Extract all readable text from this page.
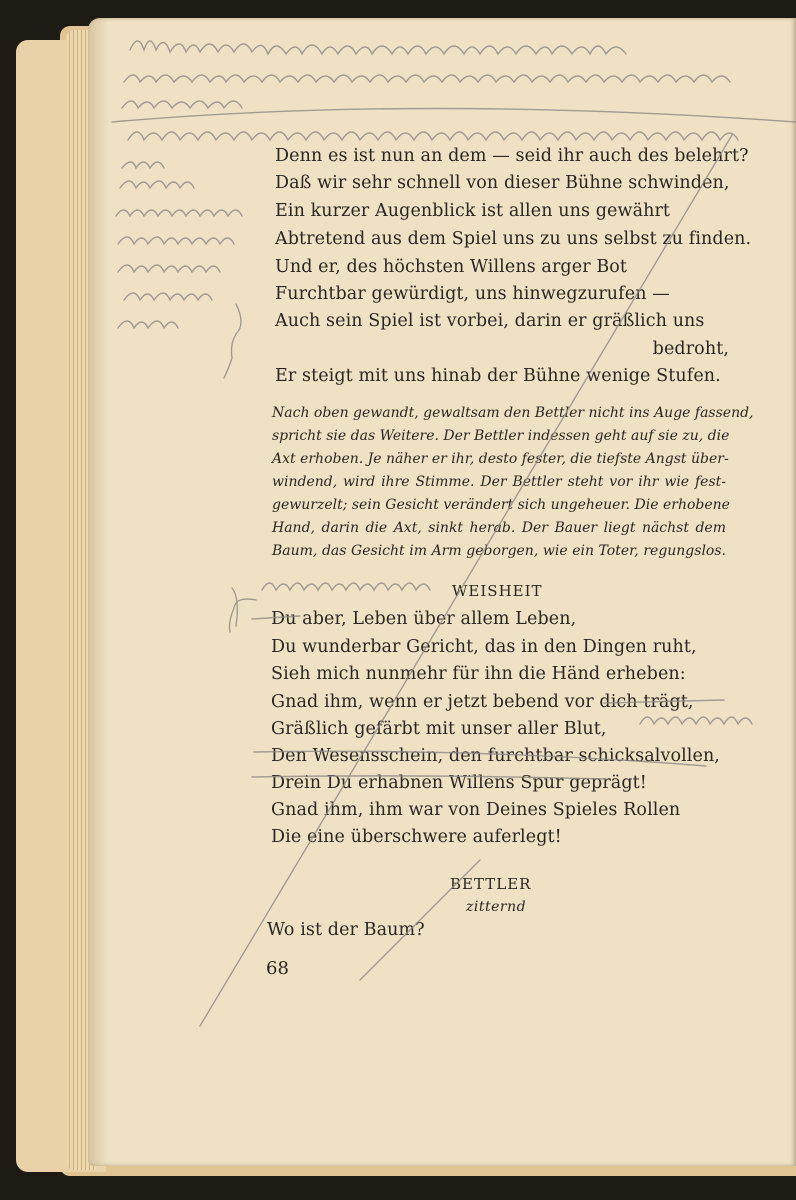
Denn es ist nun an dem — seid ihr auch des belehrt?
Daß wir sehr schnell von dieser Bühne schwinden,
Ein kurzer Augenblick ist allen uns gewährt
Abtretend aus dem Spiel uns zu uns selbst zu finden.
Und er, des höchsten Willens arger Bot
Furchtbar gewürdigt, uns hinwegzurufen —
Auch sein Spiel ist vorbei, darin er gräßlich uns
bedroht,
Er steigt mit uns hinab der Bühne wenige Stufen.
Nach oben gewandt, gewaltsam den Bettler nicht ins Auge fassend,
spricht sie das Weitere. Der Bettler indessen geht auf sie zu, die
Axt erhoben. Je näher er ihr, desto fester, die tiefste Angst über-
windend, wird ihre Stimme. Der Bettler steht vor ihr wie fest-
gewurzelt; sein Gesicht verändert sich ungeheuer. Die erhobene
Hand, darin die Axt, sinkt herab. Der Bauer liegt nächst dem
Baum, das Gesicht im Arm geborgen, wie ein Toter, regungslos.
WEISHEIT
Du aber, Leben über allem Leben,
Du wunderbar Gericht, das in den Dingen ruht,
Sieh mich nunmehr für ihn die Händ erheben:
Gnad ihm, wenn er jetzt bebend vor dich trägt,
Gräßlich gefärbt mit unser aller Blut,
Den Wesensschein, den furchtbar schicksalvollen,
Drein Du erhabnen Willens Spur geprägt!
Gnad ihm, ihm war von Deines Spieles Rollen
Die eine überschwere auferlegt!
BETTLER
zitternd
Wo ist der Baum?
68
